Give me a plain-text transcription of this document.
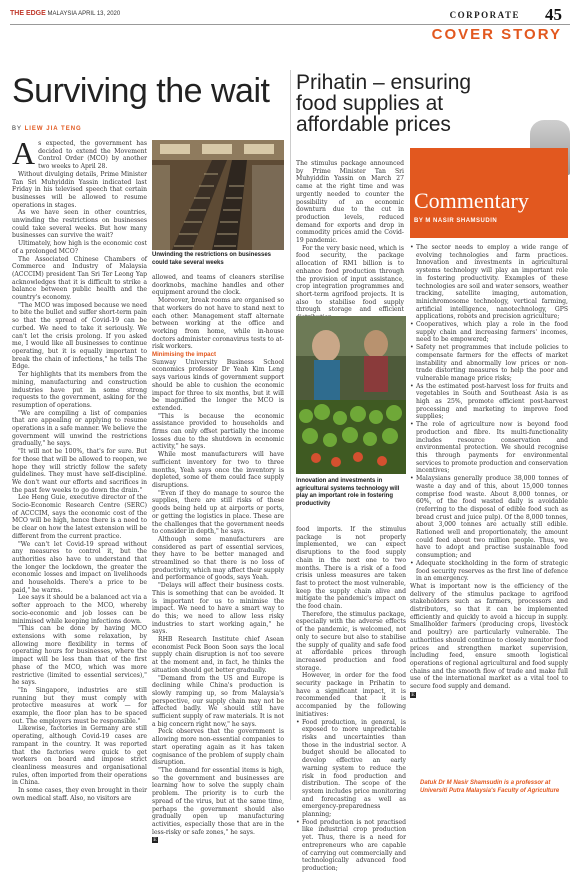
THE EDGE MALAYSIA APRIL 13, 2020	CORPORATE 45
COVER STORY
Surviving the wait
BY LIEW JIA TENG
A s expected, the government has decided to extend the Movement Control Order (MCO) by another two weeks to April 28.

Without divulging details, Prime Minister Tan Sri Muhyiddin Yassin indicated last Friday in his televised speech that certain businesses will be allowed to resume operations in stages.

As we have seen in other countries, unwinding the restrictions on businesses could take several weeks. But how many businesses can survive the wait?

Ultimately, how high is the economic cost of a prolonged MCO?

The Associated Chinese Chambers of Commerce and Industry of Malaysia (ACCCIM) president Tan Sri Ter Leong Yap acknowledges that it is difficult to strike a balance between public health and the country's economy.

"The MCO was imposed because we need to bite the bullet and suffer short-term pain so that the spread of Covid-19 can be curbed. We need to take it seriously. We can't let the crisis prolong. If you asked me, I would like all businesses to continue operating, but it is equally important to break the chain of infections," he tells The Edge.

Ter highlights that its members from the mining, manufacturing and construction industries have put in some strong requests to the government, asking for the resumption of operations.

"We are compiling a list of companies that are appealing or applying to resume operations in a safe manner. We believe the government will unwind the restrictions gradually," he says.

"It will not be 100%, that's for sure. But for those that will be allowed to reopen, we hope they will strictly follow the safety guidelines. They must have self-discipline. We don't want our efforts and sacrifices in the past few weeks to go down the drain."

Lee Heng Guie, executive director of the Socio-Economic Research Centre (SERC) of ACCCIM, says the economic cost of the MCO will be high, hence there is a need to be clear on how the latest extension will be different from the current practice.

"We can't let Covid-19 spread without any measures to control it, but the authorities also have to understand that the longer the lockdown, the greater the economic losses and impact on livelihoods and households. There's a price to be paid," he warns.

Lee says it should be a balanced act via a softer approach to the MCO, whereby socio-economic and job losses can be minimised while keeping infections down.

"This can be done by having MCO extensions with some relaxation, by allowing more flexibility in terms of operating hours for businesses, where the impact will be less than that of the first phase of the MCO, which was more restrictive (limited to essential services)," he says.

"In Singapore, industries are still running but they must comply with protective measures at work — for example, the floor plan has to be spaced out. The employers must be responsible."

Likewise, factories in Germany are still operating, although Covid-19 cases are rampant in the country. It was reported that the factories were quick to get workers on board and impose strict cleanliness measures and organisational rules, often imported from their operations in China.

In some cases, they even brought in their own medical staff. Also, no visitors are

Unwinding the restrictions on businesses could take several weeks

allowed, and teams of cleaners sterilise doorknobs, machine handles and other equipment around the clock.

Moreover, break rooms are organised so that workers do not have to stand next to each other. Management staff alternate between working at the office and working from home, while in-house doctors administer coronavirus tests to at-risk workers.

Minimising the impact

Sunway University Business School economics professor Dr Yeah Kim Leng says various kinds of government support should be able to cushion the economic impact for three to six months, but it will be magnified the longer the MCO is extended.

"This is because the economic assistance provided to households and firms can only offset partially the income losses due to the shutdown in economic activity," he says.

While most manufacturers will have sufficient inventory for two to three months, Yeah says once the inventory is depleted, some of them could face supply disruptions.

"Even if they do manage to source the supplies, there are still risks of these goods being held up at airports or ports, or getting the logistics in place. These are the challenges that the government needs to consider in depth," he says.

Although some manufacturers are considered as part of essential services, they have to be better managed and streamlined so that there is no loss of productivity, which may affect their supply and performance of goods, says Yeah.

"Delays will affect their business costs. This is something that can be avoided. It is important for us to minimise the impact. We need to have a smart way to do this; we need to allow less risky industries to start working again," he says.

RHB Research Institute chief Asean economist Peck Boon Soon says the local supply chain disruption is not too severe at the moment and, in fact, he thinks the situation should get better gradually.

"Demand from the US and Europe is declining while China's production is slowly ramping up, so from Malaysia's perspective, our supply chain may not be affected badly. We should still have sufficient supply of raw materials. It is not a big concern right now," he says.

Peck observes that the government is allowing more non-essential companies to start operating again as it has taken cognisance of the problem of supply chain disruption.

"The demand for essential items is high, so the government and businesses are learning how to solve the supply chain problem. The priority is to curb the spread of the virus, but at the same time, perhaps the government should also gradually open up manufacturing activities, especially those that are in the less-risky or safe zones," he says.

E
Prihatin – ensuring food supplies at affordable prices
Commentary
BY M NASIR SHAMSUDIN

The stimulus package announced by Prime Minister Tan Sri Muhyiddin Yassin on March 27 came at the right time and was urgently needed to counter the possibility of an economic downturn due to the cut in production levels, reduced demand for exports and drop in commodity prices amid the Covid-19 pandemic.

For the very basic need, which is food security, the package allocation of RM1 billion is to enhance food production through the provision of input assistance, crop integration programmes and short-term agrifood projects. It is also to stabilise food supply through storage and efficient

Innovation and investments in agricultural systems technology will play an important role in fostering productivity

food imports. If the stimulus package is not properly implemented, we can expect disruptions to the food supply chain in the next one to two months. There is a risk of a food crisis unless measures are taken fast to protect the most vulnerable, keep the supply chain alive and mitigate the pandemic's impact on the food chain.

Therefore, the stimulus package, especially with the adverse effects of the pandemic, is welcomed, not only to secure but also to stabilise the supply of quality and safe food at affordable prices through increased production and food storage.

However, in order for the food security package in Prihatin to have a significant impact, it is recommended that it is accompanied by the following initiatives:

• Food production, in general, is exposed to more unpredictable risks and uncertainties than those in the industrial sector. A budget should be allocated to develop effective an early warning system to reduce the risk in food production and distribution. The scope of the system includes price monitoring and forecasting as well as emergency-preparedness planning;
• Food production is not practised like industrial crop production yet. Thus, there is a need for entrepreneurs who are capable of carrying out commercially and technologically advanced food production;
• The sector needs to employ a wide range of evolving technologies and farm practices. Innovation and investments in agricultural systems technology will play an important role in fostering productivity. Examples of these technologies are soil and water sensors, weather tracking, satellite imaging, automation, minichromosome technology, vertical farming, artificial intelligence, nanotechnology, GPS applications, robots and precision agriculture;
• Cooperatives, which play a role in the food supply chain and increasing farmers' incomes, need to be empowered;
• Safety net programmes that include policies to compensate farmers for the effects of market instability and abnormally low prices or non-trade distorting measures to help the poor and vulnerable manage price risks;
• As the estimated post-harvest loss for fruits and vegetables in South and Southeast Asia is as high as 25%, promote efficient post-harvest processing and marketing to improve food supplies;
• The role of agriculture now is beyond food production and fibre. Its multi-functionality includes resource conservation and environmental protection. We should recognise this through payments for environmental services to promote production and conservation incentives;
• Malaysians generally produce 38,000 tonnes of waste a day and of this, about 15,000 tonnes comprise food waste. About 8,000 tonnes, or 60%, of the food wasted daily is avoidable (referring to the disposal of edible food such as bread crust and juice pulp). Of the 8,000 tonnes, about 3,000 tonnes are actually still edible. Rationed well and proportionately, the amount could feed about two million people. Thus, we have to adopt and practise sustainable food consumption; and
• Adequate stockholding in the form of strategic food security reserves as the first line of defence in an emergency.

What is important now is the efficiency of the delivery of the stimulus package to agrifood stakeholders such as farmers, processors and distributors, so that it can be implemented efficiently and quickly to avoid a hiccup in supply. Smallholder farmers (producing crops, livestock and poultry) are particularly vulnerable. The authorities should continue to closely monitor food prices and strengthen market supervision, including feed, ensure smooth logistical operations of regional agricultural and food supply chains and the smooth flow of trade and make full use of the international market as a vital tool to secure food supply and demand.

E
Datuk Dr M Nasir Shamsudin is a professor at Universiti Putra Malaysia's Faculty of Agriculture
